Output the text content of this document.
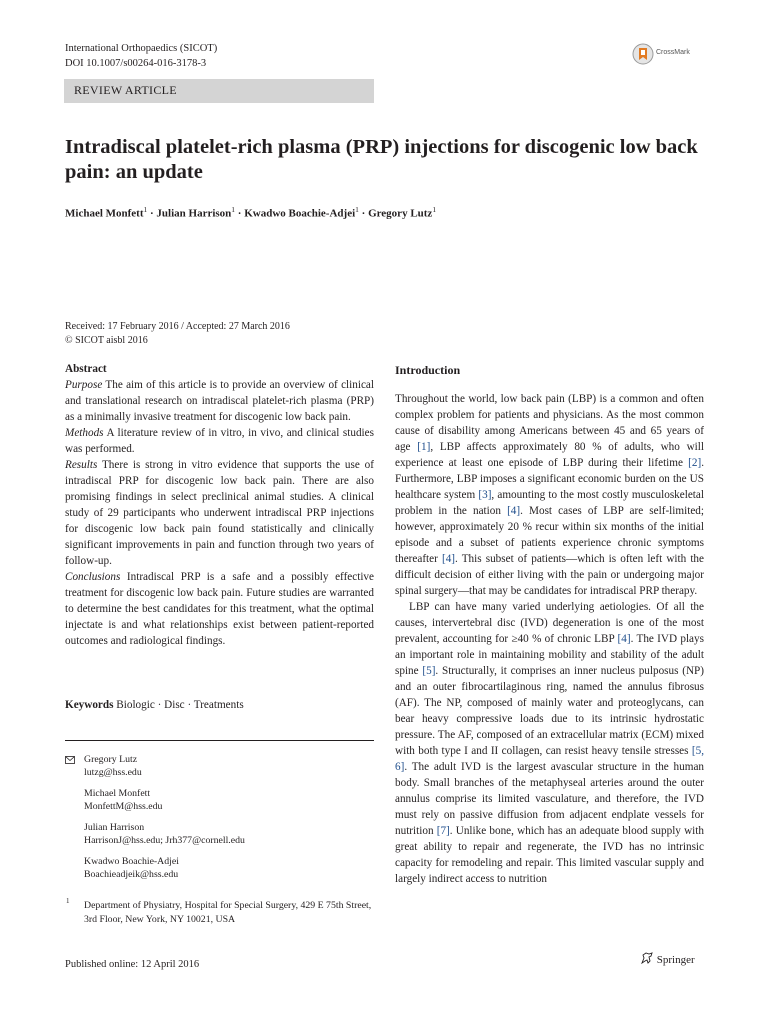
International Orthopaedics (SICOT)
DOI 10.1007/s00264-016-3178-3
CrossMark
REVIEW ARTICLE
Intradiscal platelet-rich plasma (PRP) injections for discogenic low back pain: an update
Michael Monfett$^1$ · Julian Harrison$^1$ · Kwadwo Boachie-Adjei$^1$ · Gregory Lutz$^1$
Received: 17 February 2016 / Accepted: 27 March 2016
© SICOT aisbl 2016

Abstract

Purpose The aim of this article is to provide an overview of clinical and translational research on intradiscal platelet-rich plasma (PRP) as a minimally invasive treatment for discogenic low back pain.

Methods A literature review of in vitro, in vivo, and clinical studies was performed.

Results There is strong in vitro evidence that supports the use of intradiscal PRP for discogenic low back pain. There are also promising findings in select preclinical animal studies. A clinical study of 29 participants who underwent intradiscal PRP injections for discogenic low back pain found statistically and clinically significant improvements in pain and function through two years of follow-up.

Conclusions Intradiscal PRP is a safe and a possibly effective treatment for discogenic low back pain. Future studies are warranted to determine the best candidates for this treatment, what the optimal injectate is and what relationships exist between patient-reported outcomes and radiological findings.

Keywords Biologic · Disc · Treatments
Gregory Lutz
lutzg@hss.edu
Michael Monfett
MonfettM@hss.edu
Julian Harrison
HarrisonJ@hss.edu; Jrh377@cornell.edu
Kwadwo Boachie-Adjei
Boachieadjeik@hss.edu
1 Department of Physiatry, Hospital for Special Surgery, 429 E 75th Street, 3rd Floor, New York, NY 10021, USA

Introduction

Throughout the world, low back pain (LBP) is a common and often complex problem for patients and physicians. As the most common cause of disability among Americans between 45 and 65 years of age [1], LBP affects approximately 80 % of adults, who will experience at least one episode of LBP during their lifetime [2]. Furthermore, LBP imposes a significant economic burden on the US healthcare system [3], amounting to the most costly musculoskeletal problem in the nation [4]. Most cases of LBP are self-limited; however, approximately 20 % recur within six months of the initial episode and a subset of patients experience chronic symptoms thereafter [4]. This subset of patients—which is often left with the difficult decision of either living with the pain or undergoing major spinal surgery—that may be candidates for intradiscal PRP therapy.

LBP can have many varied underlying aetiologies. Of all the causes, intervertebral disc (IVD) degeneration is one of the most prevalent, accounting for ≥40 % of chronic LBP [4]. The IVD plays an important role in maintaining mobility and stability of the adult spine [5]. Structurally, it comprises an inner nucleus pulposus (NP) and an outer fibrocartilaginous ring, named the annulus fibrosus (AF). The NP, composed of mainly water and proteoglycans, can bear heavy compressive loads due to its intrinsic hydrostatic pressure. The AF, composed of an extracellular matrix (ECM) mixed with both type I and II collagen, can resist heavy tensile stresses [5, 6]. The adult IVD is the largest avascular structure in the human body. Small branches of the metaphyseal arteries around the outer annulus comprise its limited vasculature, and therefore, the IVD must rely on passive diffusion from adjacent endplate vessels for nutrition [7]. Unlike bone, which has an adequate blood supply with great ability to repair and regenerate, the IVD has no intrinsic capacity for remodeling and repair. This limited vascular supply and largely indirect access to nutrition

Published online: 12 April 2016	Springer
